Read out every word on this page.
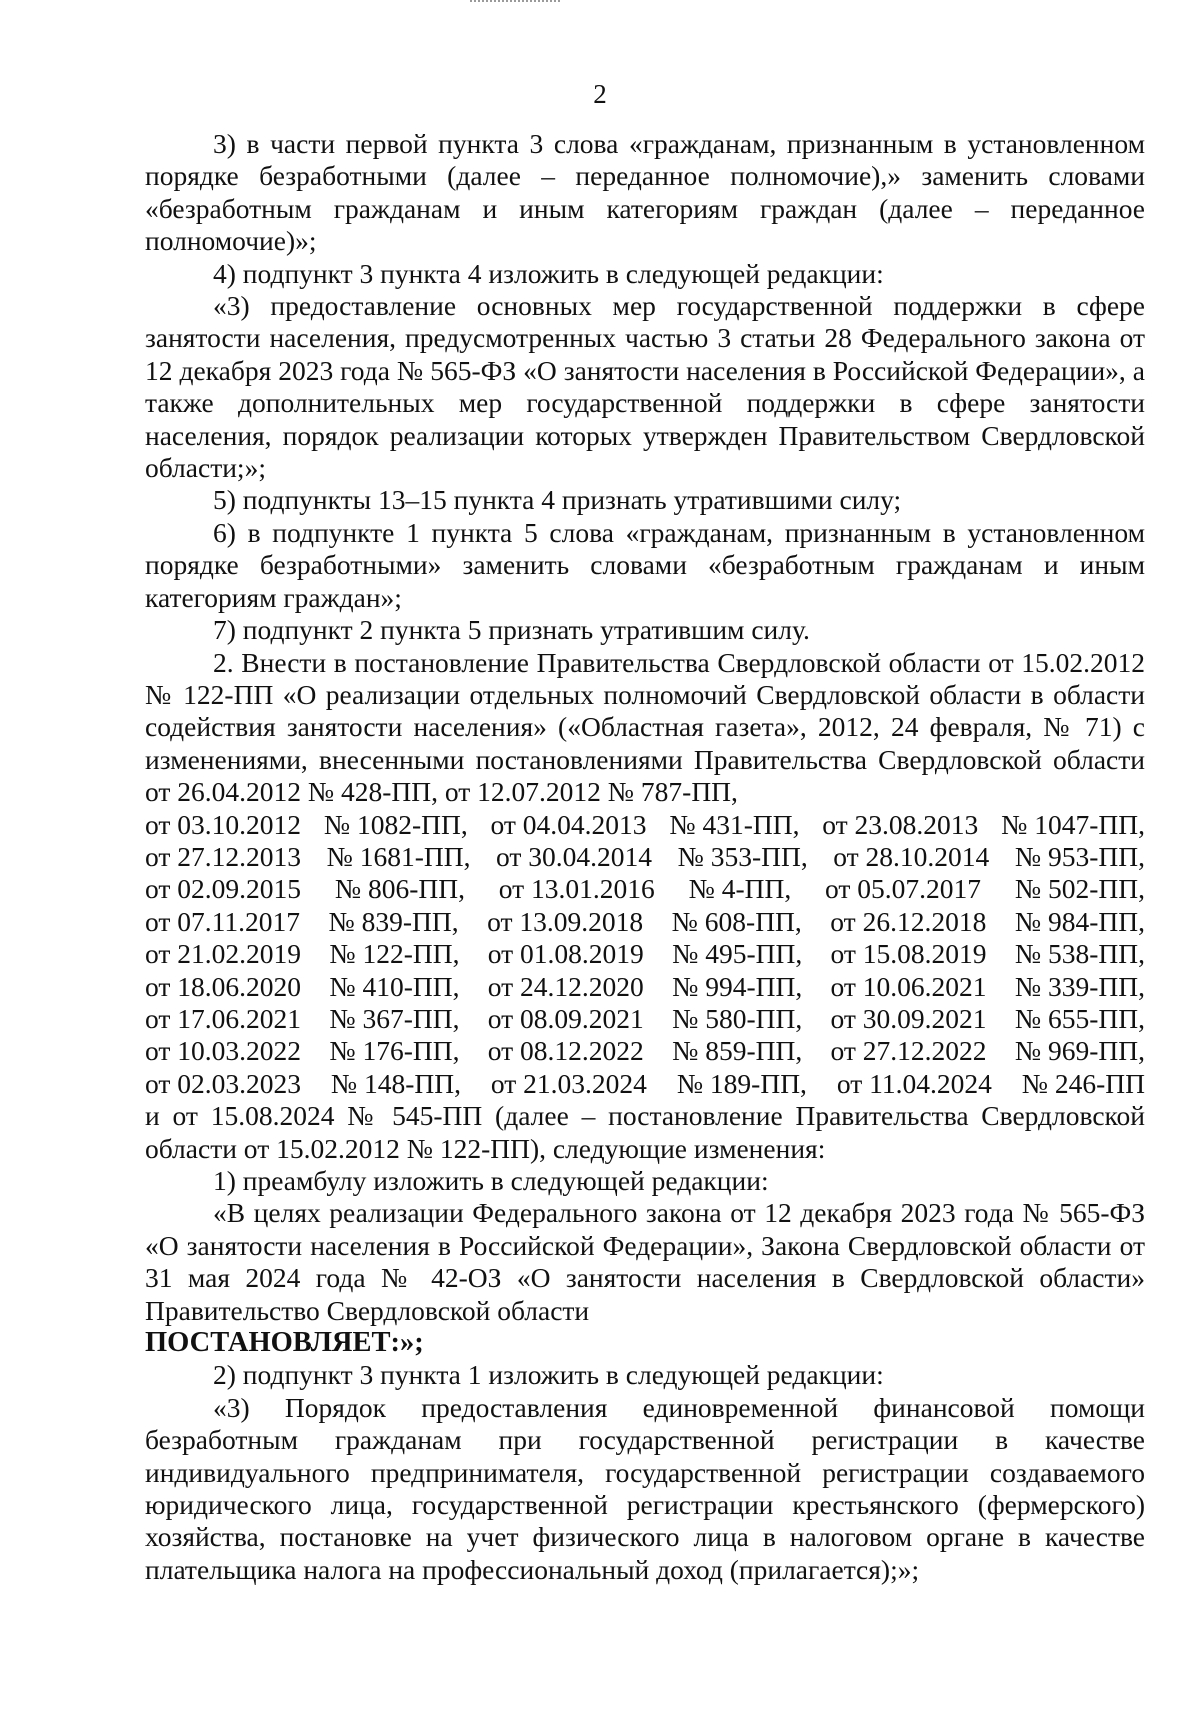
2

3) в части первой пункта 3 слова «гражданам, признанным в установленном порядке безработными (далее – переданное полномочие),» заменить словами «безработным гражданам и иным категориям граждан (далее – переданное полномочие)»;

4) подпункт 3 пункта 4 изложить в следующей редакции:

«3) предоставление основных мер государственной поддержки в сфере занятости населения, предусмотренных частью 3 статьи 28 Федерального закона от 12 декабря 2023 года № 565-ФЗ «О занятости населения в Российской Федерации», а также дополнительных мер государственной поддержки в сфере занятости населения, порядок реализации которых утвержден Правительством Свердловской области;»;

5) подпункты 13–15 пункта 4 признать утратившими силу;

6) в подпункте 1 пункта 5 слова «гражданам, признанным в установленном порядке безработными» заменить словами «безработным гражданам и иным категориям граждан»;

7) подпункт 2 пункта 5 признать утратившим силу.

2. Внести в постановление Правительства Свердловской области от 15.02.2012 № 122-ПП «О реализации отдельных полномочий Свердловской области в области содействия занятости населения» («Областная газета», 2012, 24 февраля, № 71) с изменениями, внесенными постановлениями Правительства Свердловской области от 26.04.2012 № 428-ПП, от 12.07.2012 № 787-ПП,

от 03.10.2012 № 1082-ПП, от 04.04.2013 № 431-ПП, от 23.08.2013 № 1047-ПП,
от 27.12.2013 № 1681-ПП, от 30.04.2014 № 353-ПП, от 28.10.2014 № 953-ПП,
от 02.09.2015 № 806-ПП, от 13.01.2016 № 4-ПП, от 05.07.2017 № 502-ПП,
от 07.11.2017 № 839-ПП, от 13.09.2018 № 608-ПП, от 26.12.2018 № 984-ПП,
от 21.02.2019 № 122-ПП, от 01.08.2019 № 495-ПП, от 15.08.2019 № 538-ПП,
от 18.06.2020 № 410-ПП, от 24.12.2020 № 994-ПП, от 10.06.2021 № 339-ПП,
от 17.06.2021 № 367-ПП, от 08.09.2021 № 580-ПП, от 30.09.2021 № 655-ПП,
от 10.03.2022 № 176-ПП, от 08.12.2022 № 859-ПП, от 27.12.2022 № 969-ПП,
от 02.03.2023 № 148-ПП, от 21.03.2024 № 189-ПП, от 11.04.2024 № 246-ПП

и от 15.08.2024 № 545-ПП (далее – постановление Правительства Свердловской области от 15.02.2012 № 122-ПП), следующие изменения:

1) преамбулу изложить в следующей редакции:

«В целях реализации Федерального закона от 12 декабря 2023 года № 565-ФЗ «О занятости населения в Российской Федерации», Закона Свердловской области от 31 мая 2024 года № 42-ОЗ «О занятости населения в Свердловской области» Правительство Свердловской области

ПОСТАНОВЛЯЕТ:»;

2) подпункт 3 пункта 1 изложить в следующей редакции:

«3) Порядок предоставления единовременной финансовой помощи безработным гражданам при государственной регистрации в качестве индивидуального предпринимателя, государственной регистрации создаваемого юридического лица, государственной регистрации крестьянского (фермерского) хозяйства, постановке на учет физического лица в налоговом органе в качестве плательщика налога на профессиональный доход (прилагается);»;
